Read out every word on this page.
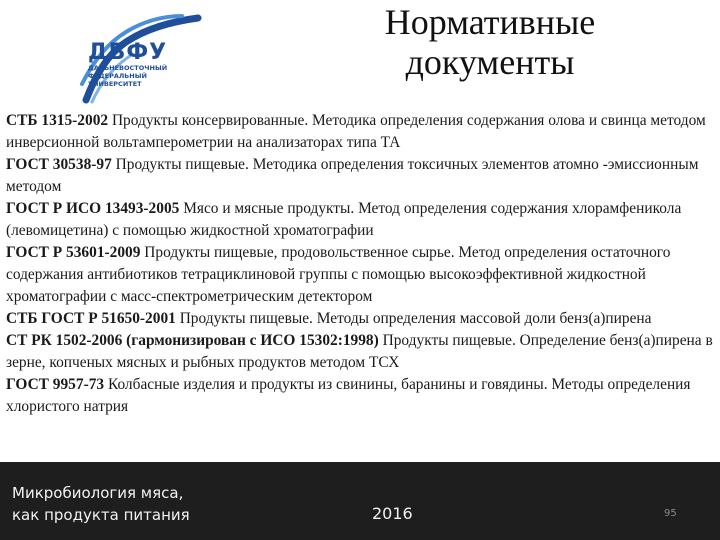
ДВФУ
ДАЛЬНЕВОСТОЧНЫЙ
ФЕДЕРАЛЬНЫЙ
УНИВЕРСИТЕТ
Нормативные
документы

СТБ 1315-2002 Продукты консервированные. Методика определения содержания олова и свинца методом инверсионной вольтамперометрии на анализаторах типа ТА

ГОСТ 30538-97 Продукты пищевые. Методика определения токсичных элементов атомно -эмиссионным методом

ГОСТ Р ИСО 13493-2005 Мясо и мясные продукты. Метод определения содержания хлорамфеникола (левомицетина) с помощью жидкостной хроматографии

ГОСТ Р 53601-2009 Продукты пищевые, продовольственное сырье. Метод определения остаточного содержания антибиотиков тетрациклиновой группы с помощью высокоэффективной жидкостной хроматографии с масс-спектрометрическим детектором

СТБ ГОСТ Р 51650-2001 Продукты пищевые. Методы определения массовой доли бенз(а)пирена

СТ РК 1502-2006 (гармонизирован с ИСО 15302:1998) Продукты пищевые. Определение бенз(а)пирена в зерне, копченых мясных и рыбных продуктов методом ТСХ

ГОСТ 9957-73 Колбасные изделия и продукты из свинины, баранины и говядины. Методы определения хлористого натрия

Микробиология мяса,
как продукта питания	2016	95
